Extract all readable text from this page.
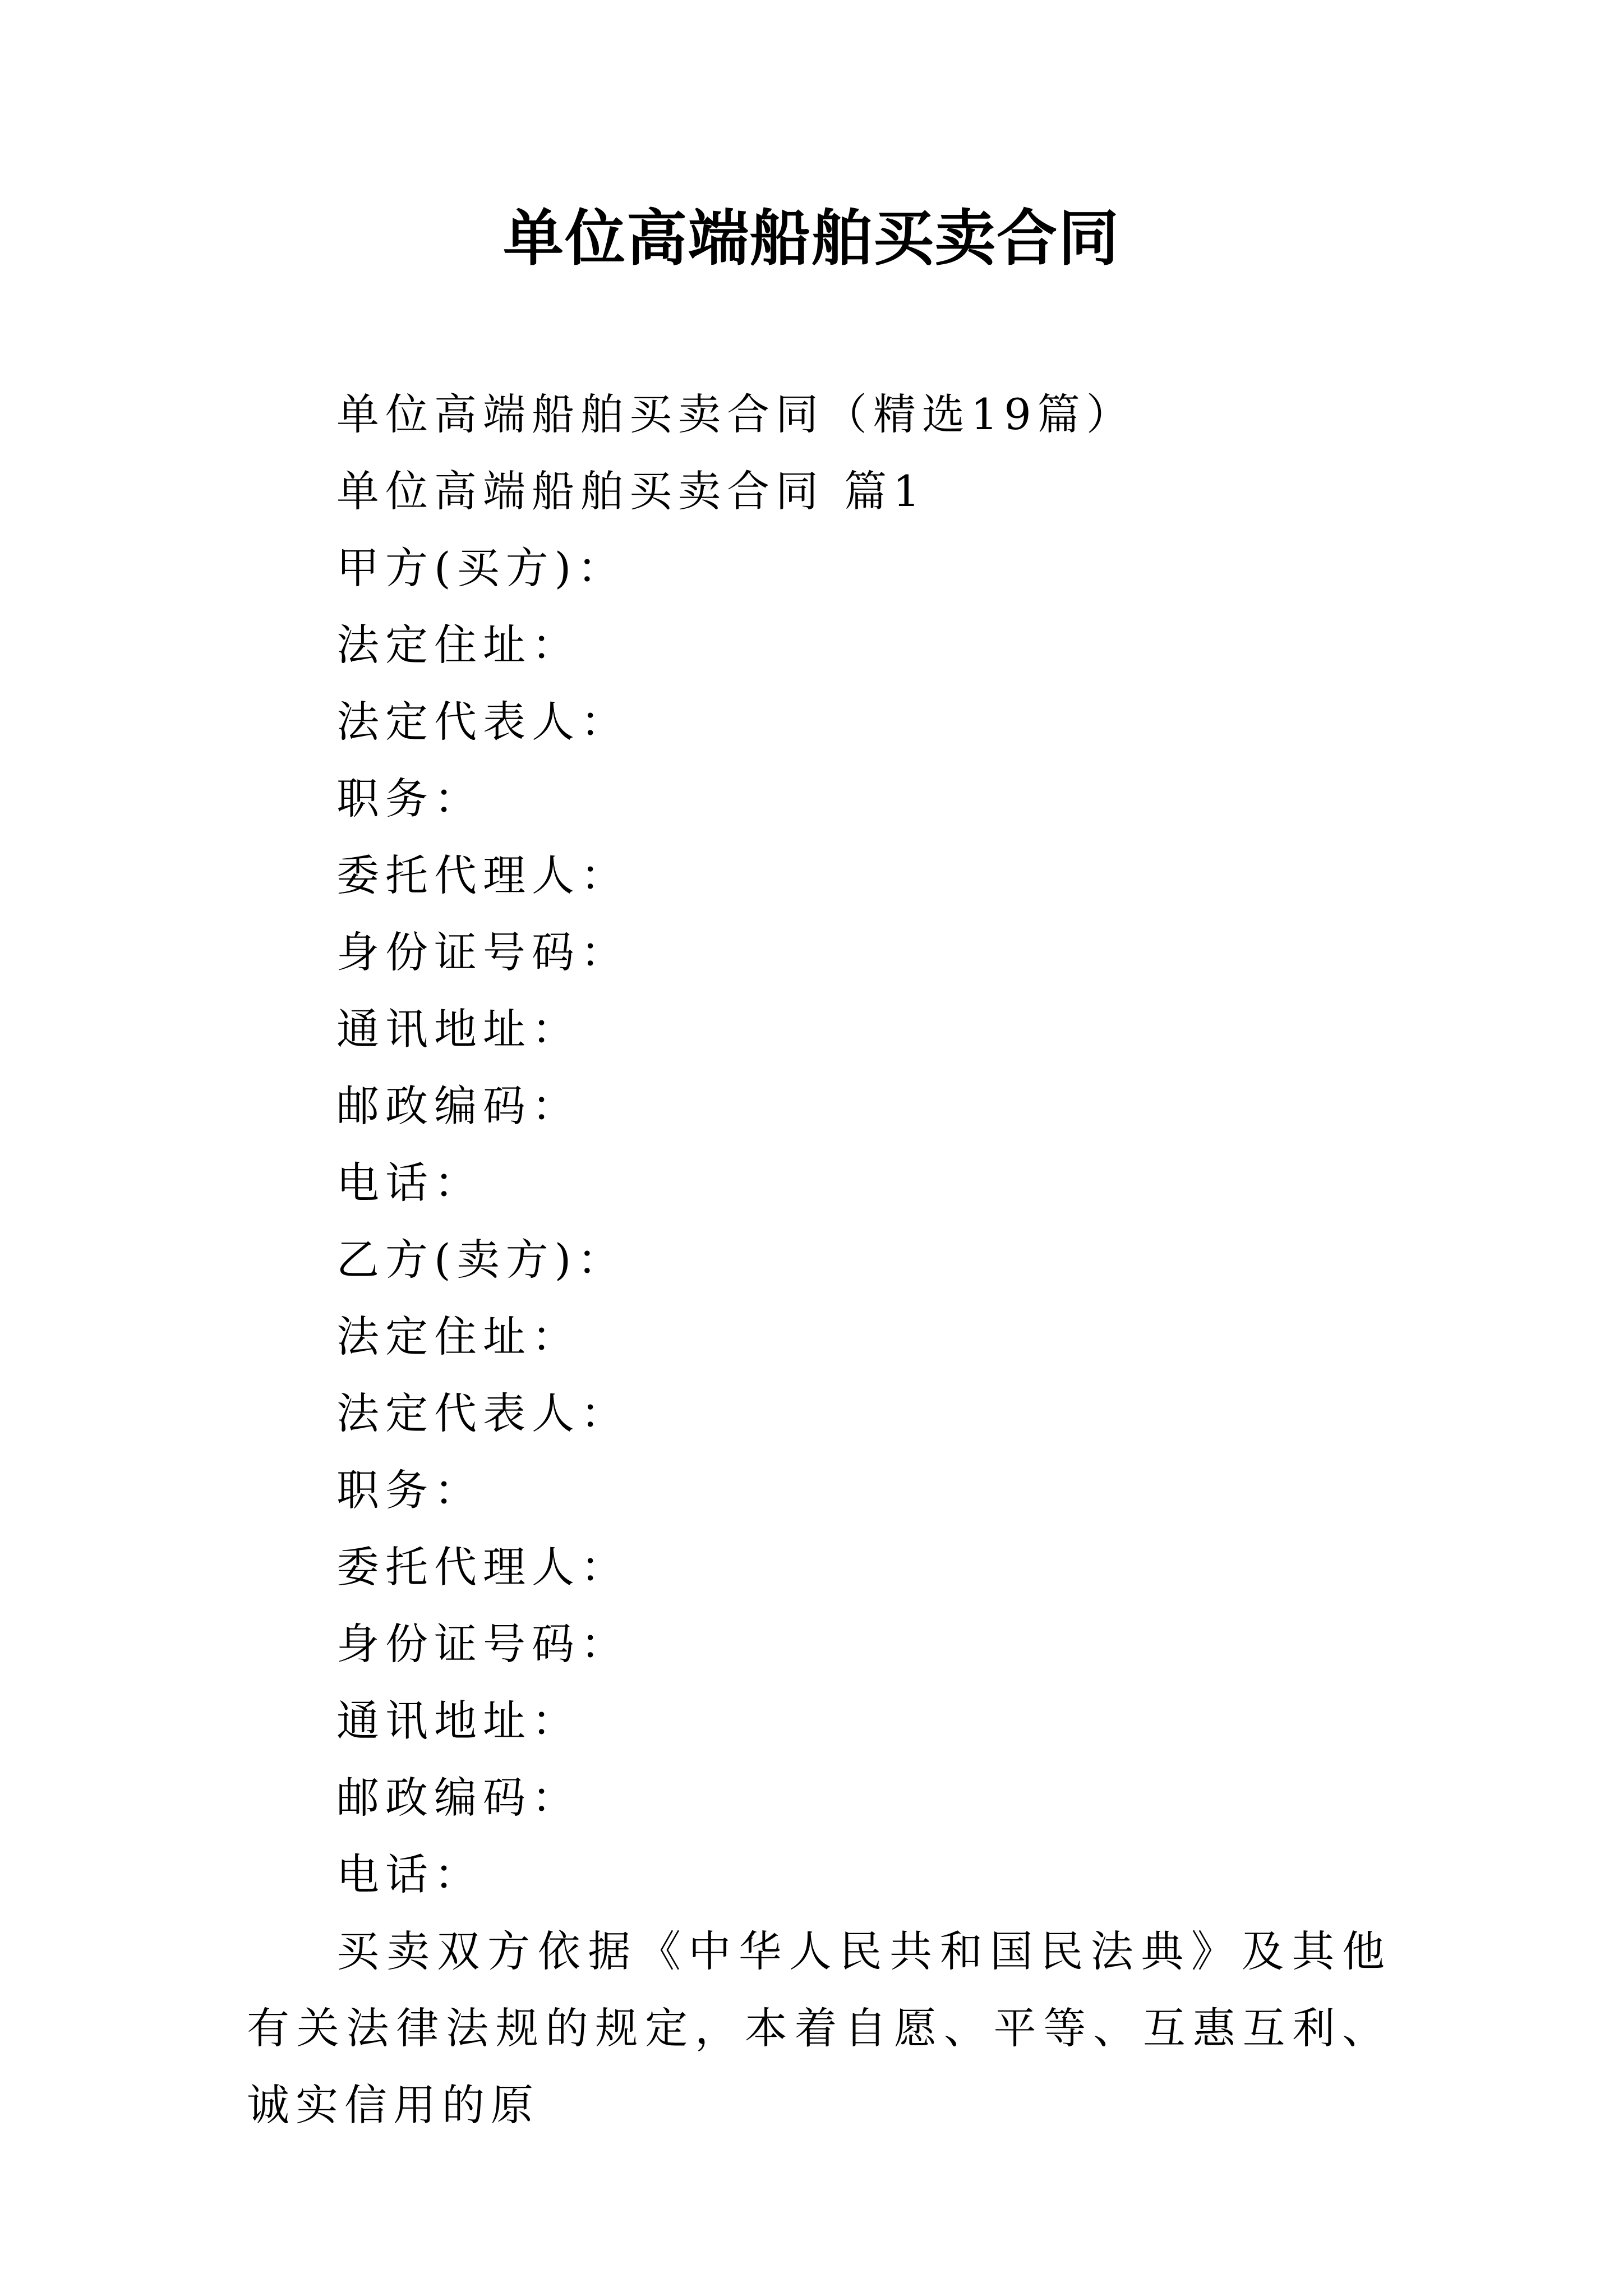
单位高端船舶买卖合同

单位高端船舶买卖合同（精选19篇）

单位高端船舶买卖合同 篇1

甲方(买方)：

法定住址：

法定代表人：

职务：

委托代理人：

身份证号码：

通讯地址：

邮政编码：

电话：

乙方(卖方)：

法定住址：

法定代表人：

职务：

委托代理人：

身份证号码：

通讯地址：

邮政编码：

电话：

买卖双方依据《中华人民共和国民法典》及其他有关法律法规的规定，本着自愿、平等、互惠互利、诚实信用的原
